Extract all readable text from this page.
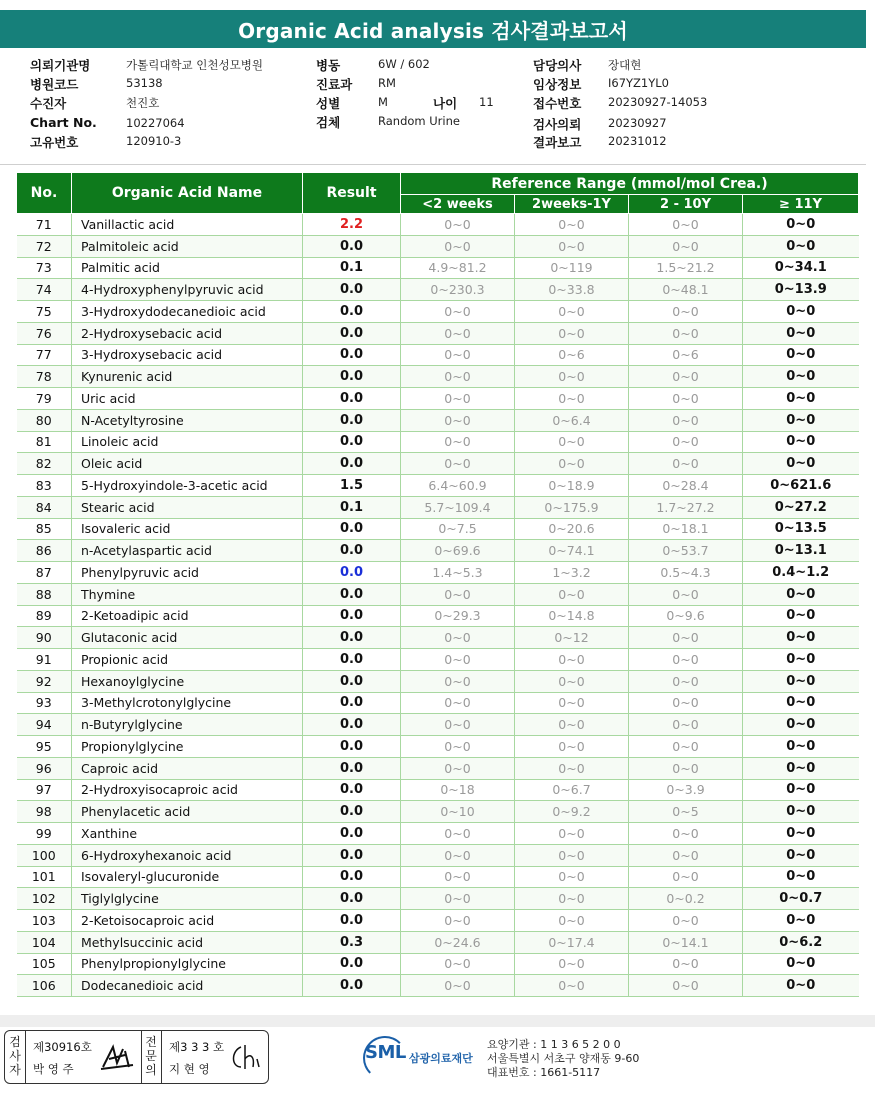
Organic Acid analysis 검사결과보고서
의뢰기관명	가톨릭대학교 인천성모병원
병원코드	53138
수진자	천진호
Chart No.	10227064
고유번호	120910-3
병동	6W / 602
진료과 RM
성별	M	나이 11
검체	Random Urine
담당의사 장대현
임상정보 I67YZ1YL0
접수번호 20230927-14053
검사의뢰 20230927
결과보고 20231012
No.	Organic Acid Name	Result	Reference Range (mmol/mol Crea.)			
			<2 weeks	2weeks-1Y	2 - 10Y	≥ 11Y
71	Vanillactic acid	2.2	0~0	0~0	0~0	0~0
72	Palmitoleic acid	0.0	0~0	0~0	0~0	0~0
73	Palmitic acid	0.1	4.9~81.2	0~119	1.5~21.2	0~34.1
74	4-Hydroxyphenylpyruvic acid	0.0	0~230.3	0~33.8	0~48.1	0~13.9
75	3-Hydroxydodecanedioic acid	0.0	0~0	0~0	0~0	0~0
76	2-Hydroxysebacic acid	0.0	0~0	0~0	0~0	0~0
77	3-Hydroxysebacic acid	0.0	0~0	0~6	0~6	0~0
78	Kynurenic acid	0.0	0~0	0~0	0~0	0~0
79	Uric acid	0.0	0~0	0~0	0~0	0~0
80	N-Acetyltyrosine	0.0	0~0	0~6.4	0~0	0~0
81	Linoleic acid	0.0	0~0	0~0	0~0	0~0
82	Oleic acid	0.0	0~0	0~0	0~0	0~0
83	5-Hydroxyindole-3-acetic acid	1.5	6.4~60.9	0~18.9	0~28.4	0~621.6
84	Stearic acid	0.1	5.7~109.4	0~175.9	1.7~27.2	0~27.2
85	Isovaleric acid	0.0	0~7.5	0~20.6	0~18.1	0~13.5
86	n-Acetylaspartic acid	0.0	0~69.6	0~74.1	0~53.7	0~13.1
87	Phenylpyruvic acid	0.0	1.4~5.3	1~3.2	0.5~4.3	0.4~1.2
88	Thymine	0.0	0~0	0~0	0~0	0~0
89	2-Ketoadipic acid	0.0	0~29.3	0~14.8	0~9.6	0~0
90	Glutaconic acid	0.0	0~0	0~12	0~0	0~0
91	Propionic acid	0.0	0~0	0~0	0~0	0~0
92	Hexanoylglycine	0.0	0~0	0~0	0~0	0~0
93	3-Methylcrotonylglycine	0.0	0~0	0~0	0~0	0~0
94	n-Butyrylglycine	0.0	0~0	0~0	0~0	0~0
95	Propionylglycine	0.0	0~0	0~0	0~0	0~0
96	Caproic acid	0.0	0~0	0~0	0~0	0~0
97	2-Hydroxyisocaproic acid	0.0	0~18	0~6.7	0~3.9	0~0
98	Phenylacetic acid	0.0	0~10	0~9.2	0~5	0~0
99	Xanthine	0.0	0~0	0~0	0~0	0~0
100	6-Hydroxyhexanoic acid	0.0	0~0	0~0	0~0	0~0
101	Isovaleryl-glucuronide	0.0	0~0	0~0	0~0	0~0
102	Tiglylglycine	0.0	0~0	0~0	0~0.2	0~0.7
103	2-Ketoisocaproic acid	0.0	0~0	0~0	0~0	0~0
104	Methylsuccinic acid	0.3	0~24.6	0~17.4	0~14.1	0~6.2
105	Phenylpropionylglycine	0.0	0~0	0~0	0~0	0~0
106	Dodecanedioic acid	0.0	0~0	0~0	0~0	0~0
검사자
제30916호
박 영 주
전문의
제3 3 3 호
지 현 영
SML 삼광의료재단
요양기관 : 1 1 3 6 5 2 0 0
서울특별시 서초구 양재동 9-60
대표번호 : 1661-5117
